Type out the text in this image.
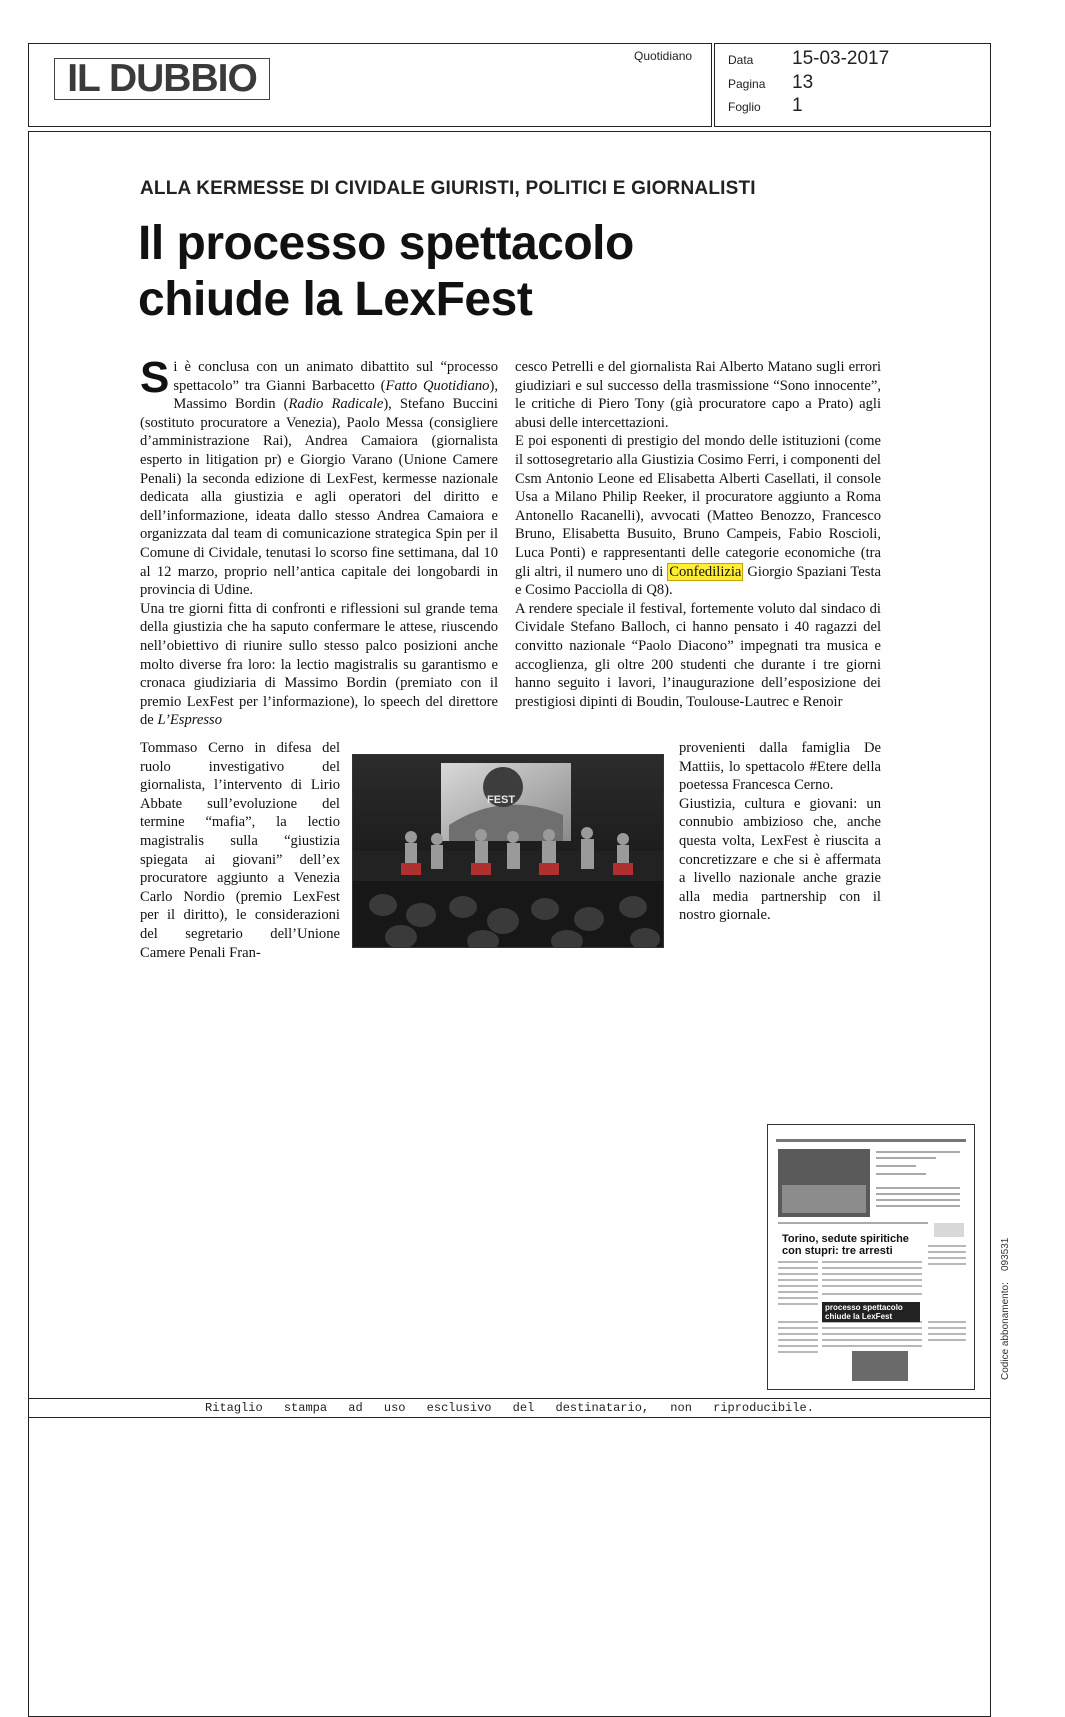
IL DUBBIO
Quotidiano	Data 15-03-2017
Pagina 13
Foglio 1
ALLA KERMESSE DI CIVIDALE GIURISTI, POLITICI E GIORNALISTI
Il processo spettacolo
chiude la LexFest

Si è conclusa con un animato dibattito sul “processo spettacolo” tra Gianni Barbacetto (Fatto Quotidiano), Massimo Bordin (Radio Radicale), Stefano Buccini (sostituto procuratore a Venezia), Paolo Messa (consigliere d’amministrazione Rai), Andrea Camaiora (giornalista esperto in litigation pr) e Giorgio Varano (Unione Camere Penali) la seconda edizione di LexFest, kermesse nazionale dedicata alla giustizia e agli operatori del diritto e dell’informazione, ideata dallo stesso Andrea Camaiora e organizzata dal team di comunicazione strategica Spin per il Comune di Cividale, tenutasi lo scorso fine settimana, dal 10 al 12 marzo, proprio nell’antica capitale dei longobardi in provincia di Udine.

Una tre giorni fitta di confronti e riflessioni sul grande tema della giustizia che ha saputo confermare le attese, riuscendo nell’obiettivo di riunire sullo stesso palco posizioni anche molto diverse fra loro: la lectio magistralis su garantismo e cronaca giudiziaria di Massimo Bordin (premiato con il premio LexFest per l’informazione), lo speech del direttore de L’Espresso

Tommaso Cerno in difesa del ruolo investigativo del giornalista, l’intervento di Lirio Abbate sull’evoluzione del termine “mafia”, la lectio magistralis sulla “giustizia spiegata ai giovani” dell’ex procuratore aggiunto a Venezia Carlo Nordio (premio LexFest per il diritto), le considerazioni del segretario dell’Unione Camere Penali Fran-

cesco Petrelli e del giornalista Rai Alberto Matano sugli errori giudiziari e sul successo della trasmissione “Sono innocente”, le critiche di Piero Tony (già procuratore capo a Prato) agli abusi delle intercettazioni.

E poi esponenti di prestigio del mondo delle istituzioni (come il sottosegretario alla Giustizia Cosimo Ferri, i componenti del Csm Antonio Leone ed Elisabetta Alberti Casellati, il console Usa a Milano Philip Reeker, il procuratore aggiunto a Roma Antonello Racanelli), avvocati (Matteo Benozzo, Francesco Bruno, Elisabetta Busuito, Bruno Campeis, Fabio Roscioli, Luca Ponti) e rappresentanti delle categorie economiche (tra gli altri, il numero uno di Confedilizia Giorgio Spaziani Testa e Cosimo Pacciolla di Q8).

A rendere speciale il festival, fortemente voluto dal sindaco di Cividale Stefano Balloch, ci hanno pensato i 40 ragazzi del convitto nazionale “Paolo Diacono” impegnati tra musica e accoglienza, gli oltre 200 studenti che durante i tre giorni hanno seguito i lavori, l’inaugurazione dell’esposizione dei prestigiosi dipinti di Boudin, Toulouse-Lautrec e Renoir

provenienti dalla famiglia De Mattiis, lo spettacolo #Etere della poetessa Francesca Cerno.

Giustizia, cultura e giovani: un connubio ambizioso che, anche questa volta, LexFest è riuscita a concretizzare e che si è affermata a livello nazionale anche grazie alla media partnership con il nostro giornale.

FEST
Torino, sedute spiritiche con stupri: tre arresti
processo spettacolo chiude la LexFest	Codice abbonamento:    093531
Ritaglio stampa ad uso esclusivo del destinatario, non riproducibile.
